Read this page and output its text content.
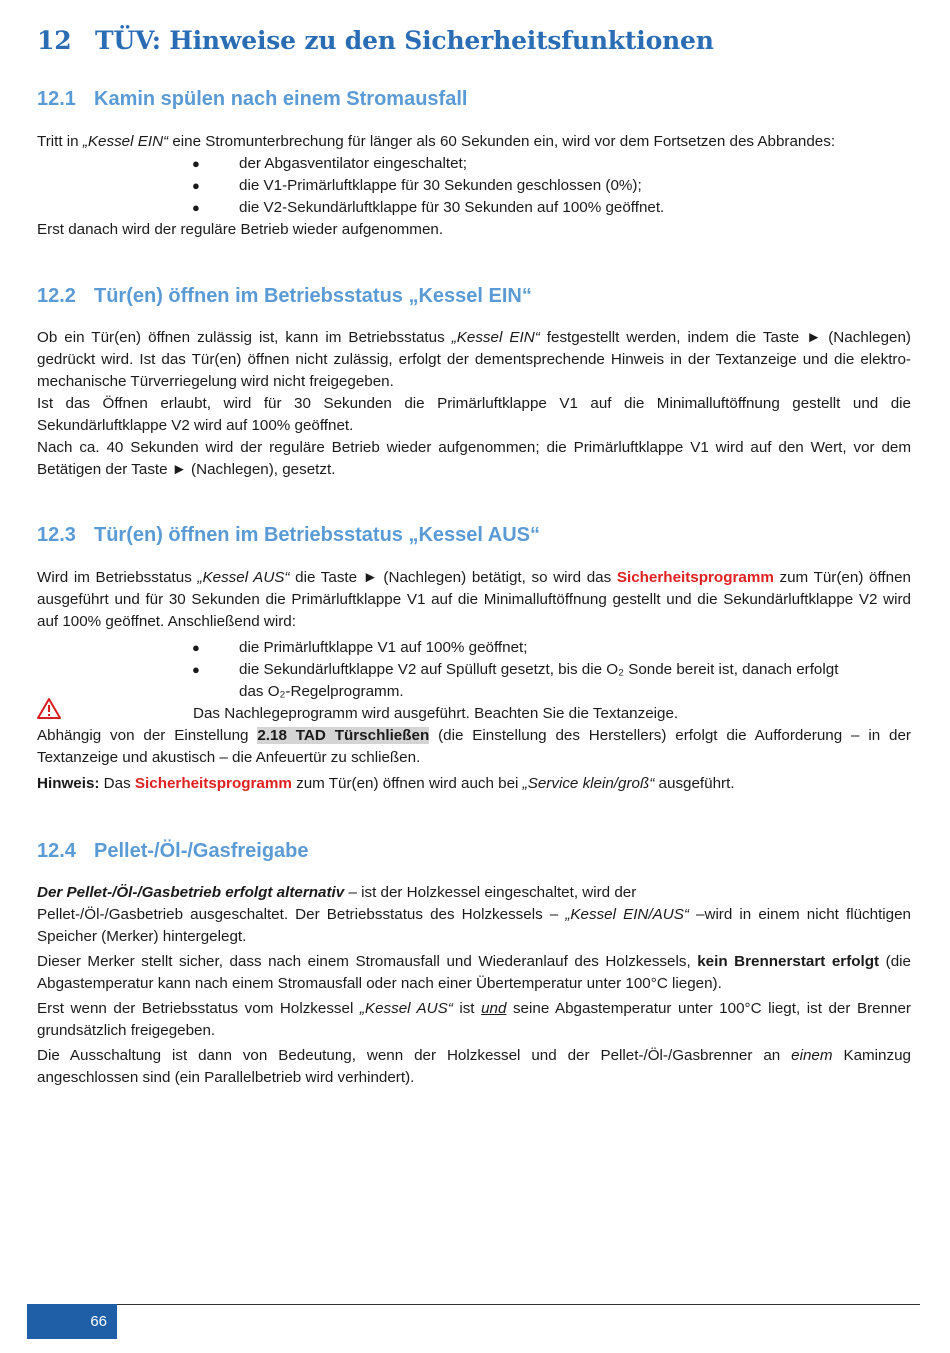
12 TÜV: Hinweise zu den Sicherheitsfunktionen
12.1 Kamin spülen nach einem Stromausfall
Tritt in „Kessel EIN“ eine Stromunterbrechung für länger als 60 Sekunden ein, wird vor dem Fortsetzen des Abbrandes:
●	der Abgasventilator eingeschaltet;
●	die V1-Primärluftklappe für 30 Sekunden geschlossen (0%);
●	die V2-Sekundärluftklappe für 30 Sekunden auf 100% geöffnet.
Erst danach wird der reguläre Betrieb wieder aufgenommen.
12.2 Tür(en) öffnen im Betriebsstatus „Kessel EIN“
Ob ein Tür(en) öffnen zulässig ist, kann im Betriebsstatus „Kessel EIN“ festgestellt werden, indem die Taste ► (Nachlegen) gedrückt wird. Ist das Tür(en) öffnen nicht zulässig, erfolgt der dementsprechende Hinweis in der Textanzeige und die elektro-mechanische Türverriegelung wird nicht freigegeben.
Ist das Öffnen erlaubt, wird für 30 Sekunden die Primärluftklappe V1 auf die Minimalluftöffnung gestellt und die Sekundärluftklappe V2 wird auf 100% geöffnet.
Nach ca. 40 Sekunden wird der reguläre Betrieb wieder aufgenommen; die Primärluftklappe V1 wird auf den Wert, vor dem Betätigen der Taste ► (Nachlegen), gesetzt.
12.3 Tür(en) öffnen im Betriebsstatus „Kessel AUS“
Wird im Betriebsstatus „Kessel AUS“ die Taste ► (Nachlegen) betätigt, so wird das Sicherheitsprogramm zum Tür(en) öffnen ausgeführt und für 30 Sekunden die Primärluftklappe V1 auf die Minimalluftöffnung gestellt und die Sekundärluftklappe V2 wird auf 100% geöffnet. Anschließend wird:
●	die Primärluftklappe V1 auf 100% geöffnet;
●	die Sekundärluftklappe V2 auf Spülluft gesetzt, bis die O₂ Sonde bereit ist, danach erfolgt
das O₂-Regelprogramm.
Das Nachlegeprogramm wird ausgeführt. Beachten Sie die Textanzeige.
Abhängig von der Einstellung 2.18 TAD Türschließen (die Einstellung des Herstellers) erfolgt die Aufforderung – in der Textanzeige und akustisch – die Anfeuertür zu schließen.
Hinweis: Das Sicherheitsprogramm zum Tür(en) öffnen wird auch bei „Service klein/groß“ ausgeführt.
12.4 Pellet-/Öl-/Gasfreigabe
Der Pellet-/Öl-/Gasbetrieb erfolgt alternativ – ist der Holzkessel eingeschaltet, wird der
Pellet-/Öl-/Gasbetrieb ausgeschaltet. Der Betriebsstatus des Holzkessels – „Kessel EIN/AUS“ –wird in einem nicht flüchtigen Speicher (Merker) hintergelegt.
Dieser Merker stellt sicher, dass nach einem Stromausfall und Wiederanlauf des Holzkessels, kein Brennerstart erfolgt (die Abgastemperatur kann nach einem Stromausfall oder nach einer Übertemperatur unter 100°C liegen).
Erst wenn der Betriebsstatus vom Holzkessel „Kessel AUS“ ist und seine Abgastemperatur unter 100°C liegt, ist der Brenner grundsätzlich freigegeben.
Die Ausschaltung ist dann von Bedeutung, wenn der Holzkessel und der Pellet-/Öl-/Gasbrenner an einem Kaminzug angeschlossen sind (ein Parallelbetrieb wird verhindert).
66
